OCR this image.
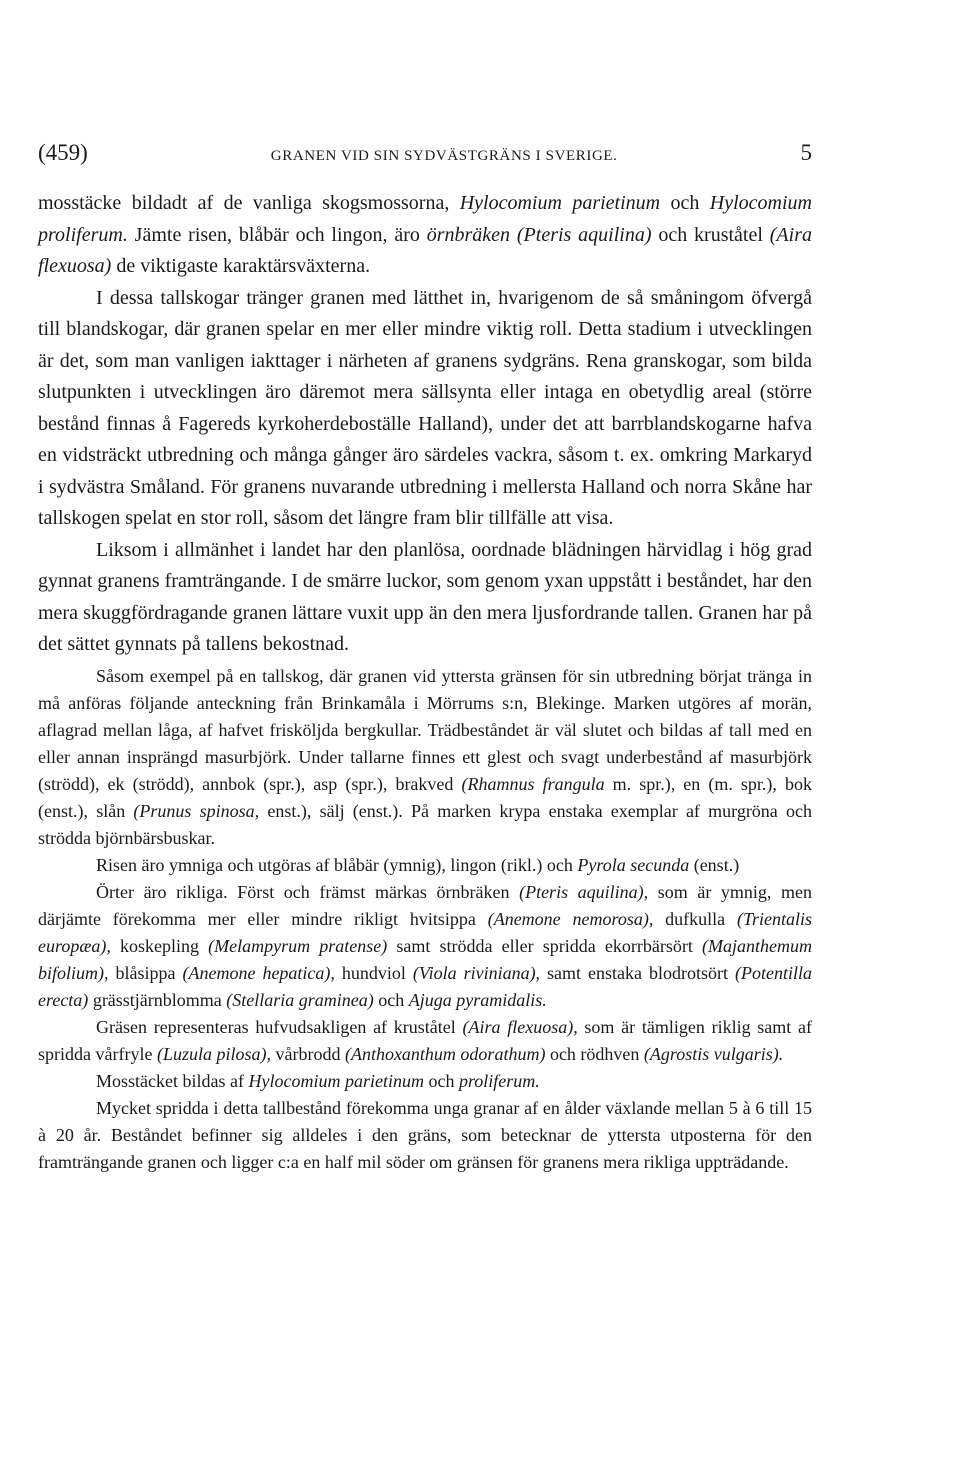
(459)	GRANEN VID SIN SYDVÄSTGRÄNS I SVERIGE.	5

mosstäcke bildadt af de vanliga skogsmossorna, Hylocomium parietinum och Hylocomium proliferum. Jämte risen, blåbär och lingon, äro örnbräken (Pteris aquilina) och kruståtel (Aira flexuosa) de viktigaste karaktärsväxterna.

I dessa tallskogar tränger granen med lätthet in, hvarigenom de så småningom öfvergå till blandskogar, där granen spelar en mer eller mindre viktig roll. Detta stadium i utvecklingen är det, som man vanligen iakttager i närheten af granens sydgräns. Rena granskogar, som bilda slutpunkten i utvecklingen äro däremot mera sällsynta eller intaga en obetydlig areal (större bestånd finnas å Fagereds kyrkoherdeboställe Halland), under det att barrblandskogarne hafva en vidsträckt utbredning och många gånger äro särdeles vackra, såsom t. ex. omkring Markaryd i sydvästra Småland. För granens nuvarande utbredning i mellersta Halland och norra Skåne har tallskogen spelat en stor roll, såsom det längre fram blir tillfälle att visa.

Liksom i allmänhet i landet har den planlösa, oordnade blädningen härvidlag i hög grad gynnat granens framträngande. I de smärre luckor, som genom yxan uppstått i beståndet, har den mera skuggfördragande granen lättare vuxit upp än den mera ljusfordrande tallen. Granen har på det sättet gynnats på tallens bekostnad.

Såsom exempel på en tallskog, där granen vid yttersta gränsen för sin utbredning börjat tränga in må anföras följande anteckning från Brinkamåla i Mörrums s:n, Blekinge. Marken utgöres af morän, aflagrad mellan låga, af hafvet frisköljda bergkullar. Trädbeståndet är väl slutet och bildas af tall med en eller annan insprängd masurbjörk. Under tallarne finnes ett glest och svagt underbestånd af masurbjörk (strödd), ek (strödd), annbok (spr.), asp (spr.), brakved (Rhamnus frangula m. spr.), en (m. spr.), bok (enst.), slån (Prunus spinosa, enst.), sälj (enst.). På marken krypa enstaka exemplar af murgröna och strödda björnbärsbuskar.

Risen äro ymniga och utgöras af blåbär (ymnig), lingon (rikl.) och Pyrola secunda (enst.)

Örter äro rikliga. Först och främst märkas örnbräken (Pteris aquilina), som är ymnig, men därjämte förekomma mer eller mindre rikligt hvitsippa (Anemone nemorosa), dufkulla (Trientalis europæa), koskepling (Melampyrum pratense) samt strödda eller spridda ekorrbärsört (Majanthemum bifolium), blåsippa (Anemone hepatica), hundviol (Viola riviniana), samt enstaka blodrotsört (Potentilla erecta) grässtjärnblomma (Stellaria graminea) och Ajuga pyramidalis.

Gräsen representeras hufvudsakligen af kruståtel (Aira flexuosa), som är tämligen riklig samt af spridda vårfryle (Luzula pilosa), vårbrodd (Anthoxanthum odorathum) och rödhven (Agrostis vulgaris).

Mosstäcket bildas af Hylocomium parietinum och proliferum.

Mycket spridda i detta tallbestånd förekomma unga granar af en ålder växlande mellan 5 à 6 till 15 à 20 år. Beståndet befinner sig alldeles i den gräns, som betecknar de yttersta utposterna för den framträngande granen och ligger c:a en half mil söder om gränsen för granens mera rikliga uppträdande.
